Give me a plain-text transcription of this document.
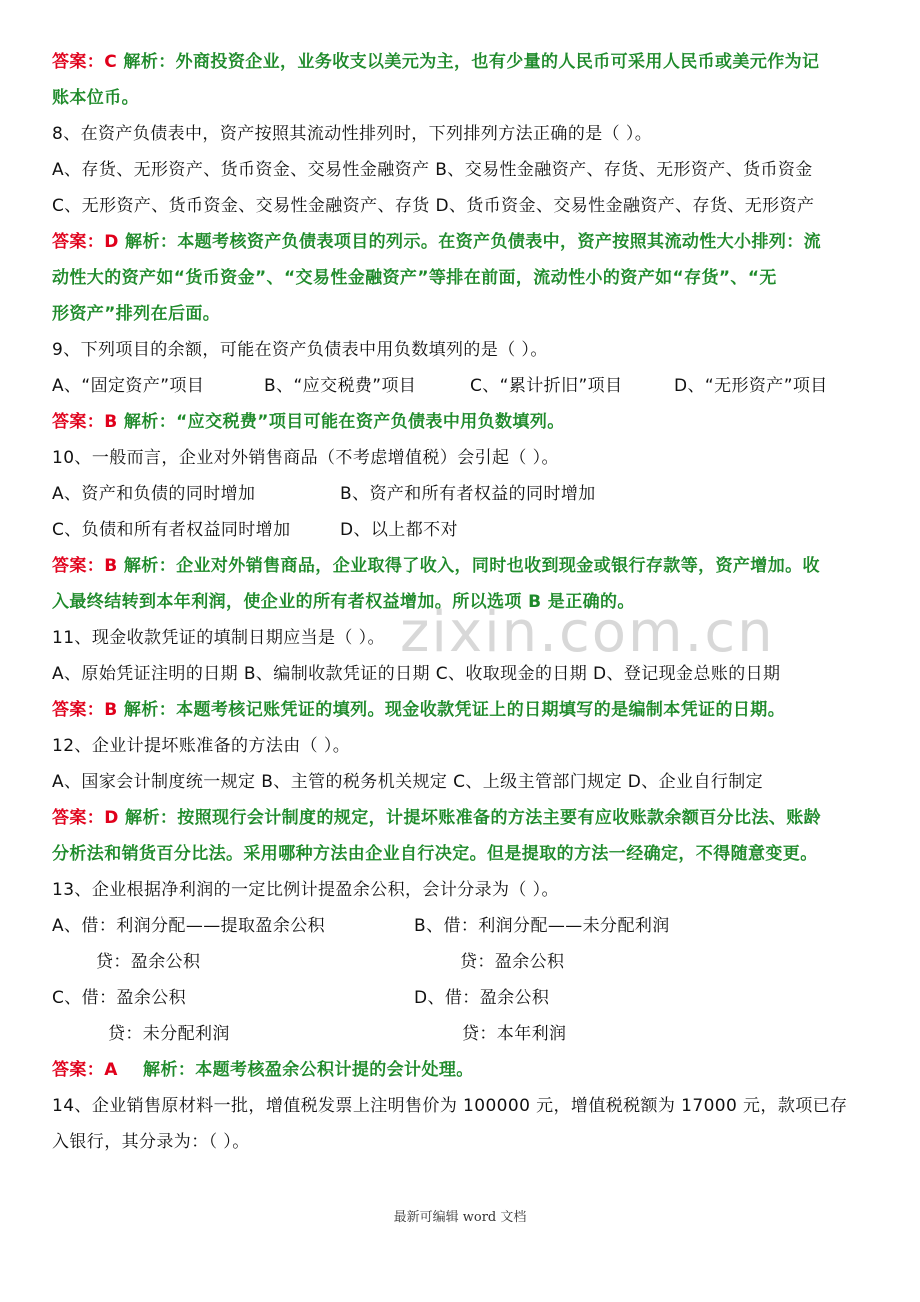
答案：C 解析：外商投资企业，业务收支以美元为主，也有少量的人民币可采用人民币或美元作为记
账本位币。
8、在资产负债表中，资产按照其流动性排列时，下列排列方法正确的是（ ）。
A、存货、无形资产、货币资金、交易性金融资产 B、交易性金融资产、存货、无形资产、货币资金
C、无形资产、货币资金、交易性金融资产、存货 D、货币资金、交易性金融资产、存货、无形资产
答案：D 解析：本题考核资产负债表项目的列示。在资产负债表中，资产按照其流动性大小排列：流
动性大的资产如“货币资金”、“交易性金融资产”等排在前面，流动性小的资产如“存货”、“无
形资产”排列在后面。
9、下列项目的余额，可能在资产负债表中用负数填列的是（ ）。
A、“固定资产”项目	B、“应交税费”项目	C、“累计折旧”项目	D、“无形资产”项目
答案：B 解析：“应交税费”项目可能在资产负债表中用负数填列。
10、一般而言，企业对外销售商品（不考虑增值税）会引起（ ）。
A、资产和负债的同时增加	B、资产和所有者权益的同时增加
C、负债和所有者权益同时增加	D、以上都不对
答案：B 解析：企业对外销售商品，企业取得了收入，同时也收到现金或银行存款等，资产增加。收
入最终结转到本年利润，使企业的所有者权益增加。所以选项 B 是正确的。
11、现金收款凭证的填制日期应当是（ ）。
A、原始凭证注明的日期 B、编制收款凭证的日期 C、收取现金的日期 D、登记现金总账的日期
答案：B 解析：本题考核记账凭证的填列。现金收款凭证上的日期填写的是编制本凭证的日期。
12、企业计提坏账准备的方法由（ ）。
A、国家会计制度统一规定 B、主管的税务机关规定 C、上级主管部门规定 D、企业自行制定
答案：D 解析：按照现行会计制度的规定，计提坏账准备的方法主要有应收账款余额百分比法、账龄
分析法和销货百分比法。采用哪种方法由企业自行决定。但是提取的方法一经确定，不得随意变更。
13、企业根据净利润的一定比例计提盈余公积，会计分录为（ ）。
A、借：利润分配——提取盈余公积	B、借：利润分配——未分配利润
贷：盈余公积	贷：盈余公积
C、借：盈余公积	D、借：盈余公积
贷：未分配利润	贷：本年利润
答案：A 解析：本题考核盈余公积计提的会计处理。
14、企业销售原材料一批，增值税发票上注明售价为 100000 元，增值税税额为 17000 元，款项已存
入银行，其分录为：（ ）。
zixin.com.cn
最新可编辑 word 文档
